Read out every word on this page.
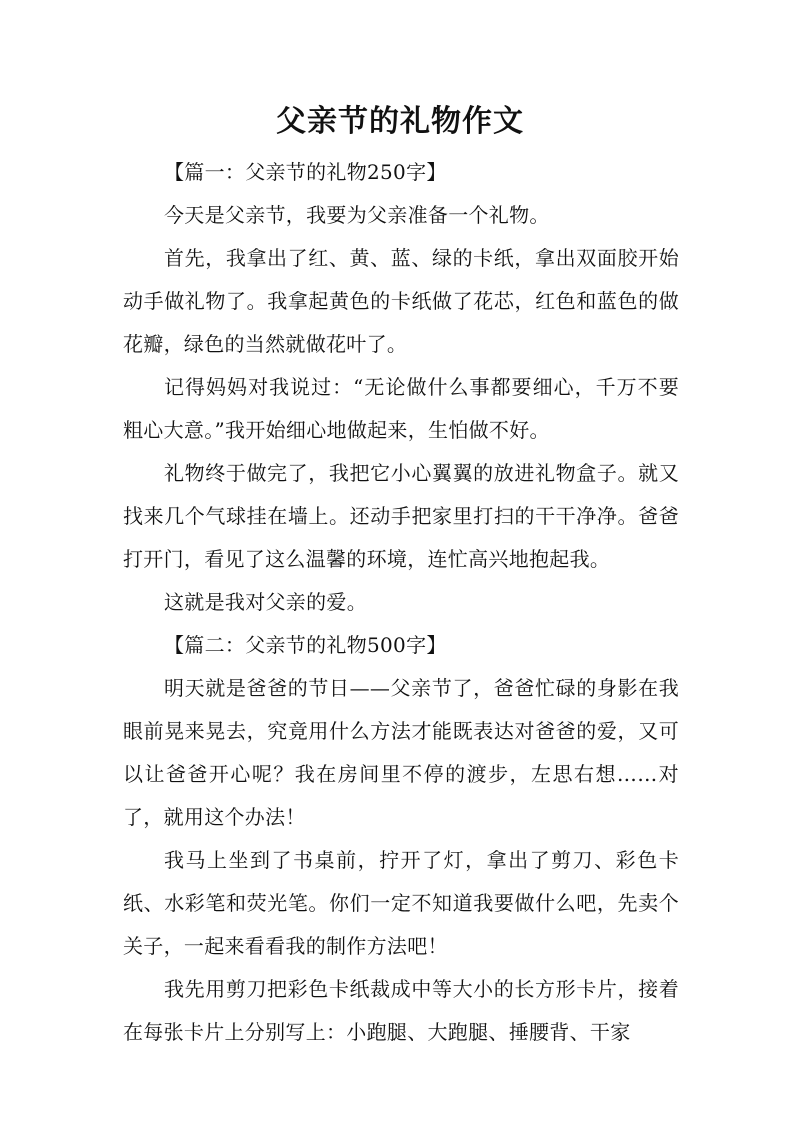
父亲节的礼物作文

【篇一：父亲节的礼物250字】

今天是父亲节，我要为父亲准备一个礼物。

首先，我拿出了红、黄、蓝、绿的卡纸，拿出双面胶开始动手做礼物了。我拿起黄色的卡纸做了花芯，红色和蓝色的做花瓣，绿色的当然就做花叶了。

记得妈妈对我说过：“无论做什么事都要细心，千万不要粗心大意。”我开始细心地做起来，生怕做不好。

礼物终于做完了，我把它小心翼翼的放进礼物盒子。就又找来几个气球挂在墙上。还动手把家里打扫的干干净净。爸爸打开门，看见了这么温馨的环境，连忙高兴地抱起我。

这就是我对父亲的爱。

【篇二：父亲节的礼物500字】

明天就是爸爸的节日——父亲节了，爸爸忙碌的身影在我眼前晃来晃去，究竟用什么方法才能既表达对爸爸的爱，又可以让爸爸开心呢？我在房间里不停的渡步，左思右想……对了，就用这个办法！

我马上坐到了书桌前，拧开了灯，拿出了剪刀、彩色卡纸、水彩笔和荧光笔。你们一定不知道我要做什么吧，先卖个关子，一起来看看我的制作方法吧！

我先用剪刀把彩色卡纸裁成中等大小的长方形卡片，接着在每张卡片上分别写上：小跑腿、大跑腿、捶腰背、干家
